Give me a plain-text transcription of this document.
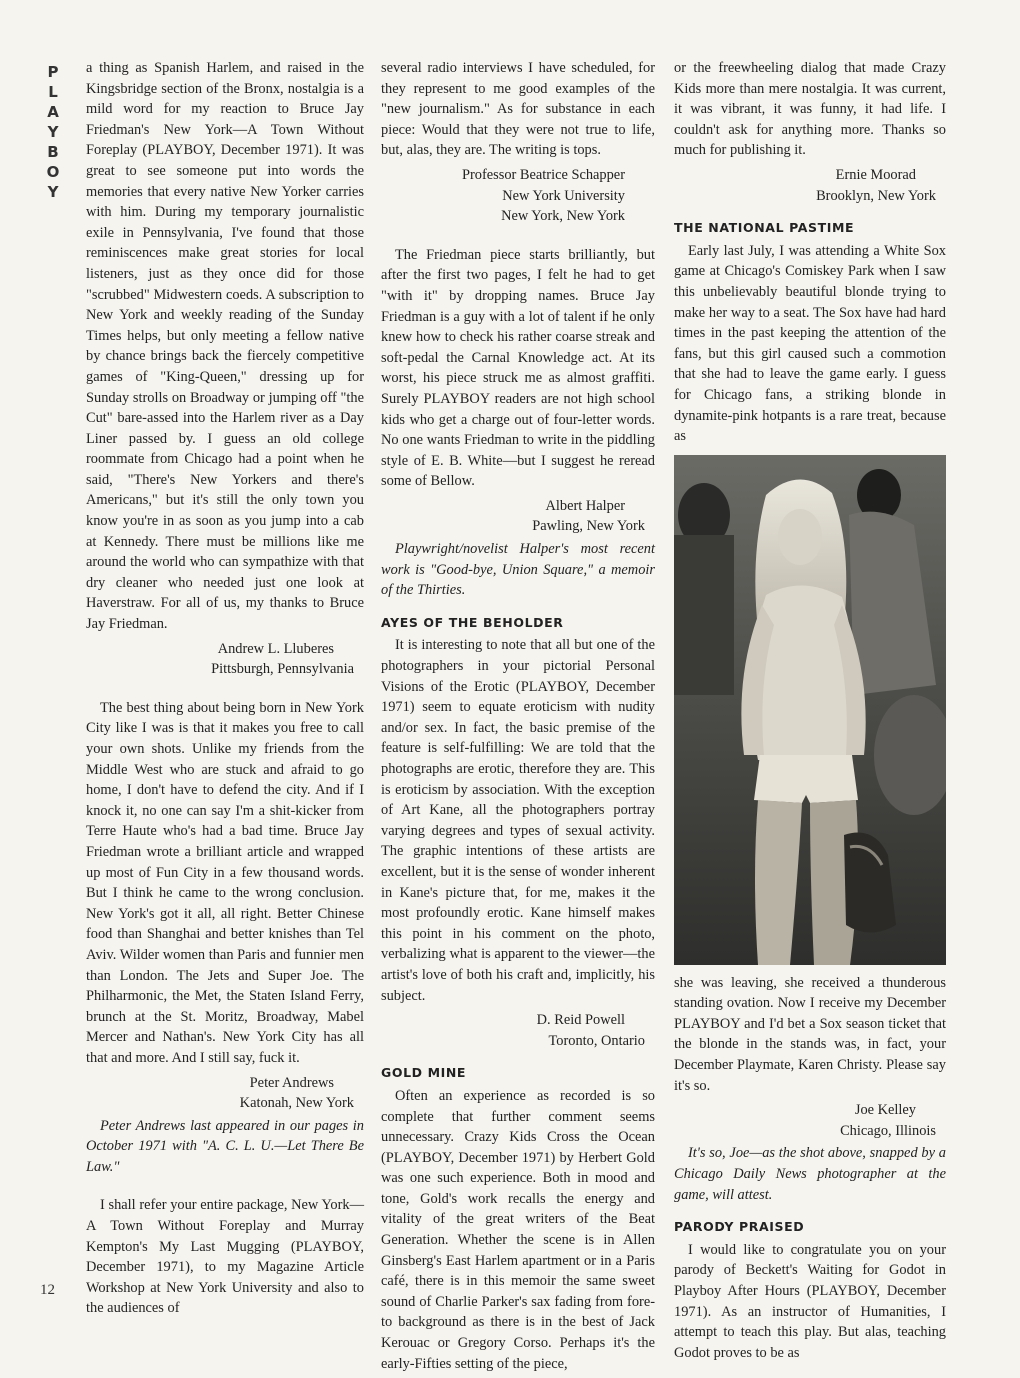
P
L
A
Y
B
O
Y

a thing as Spanish Harlem, and raised in the Kingsbridge section of the Bronx, nostalgia is a mild word for my reaction to Bruce Jay Friedman's New York—A Town Without Foreplay (PLAYBOY, December 1971). It was great to see someone put into words the memories that every native New Yorker carries with him. During my temporary journalistic exile in Pennsylvania, I've found that those reminiscences make great stories for local listeners, just as they once did for those "scrubbed" Midwestern coeds. A subscription to New York and weekly reading of the Sunday Times helps, but only meeting a fellow native by chance brings back the fiercely competitive games of "King-Queen," dressing up for Sunday strolls on Broadway or jumping off "the Cut" bare-assed into the Harlem river as a Day Liner passed by. I guess an old college roommate from Chicago had a point when he said, "There's New Yorkers and there's Americans," but it's still the only town you know you're in as soon as you jump into a cab at Kennedy. There must be millions like me around the world who can sympathize with that dry cleaner who needed just one look at Haverstraw. For all of us, my thanks to Bruce Jay Friedman.

Andrew L. Lluberes

Pittsburgh, Pennsylvania

The best thing about being born in New York City like I was is that it makes you free to call your own shots. Unlike my friends from the Middle West who are stuck and afraid to go home, I don't have to defend the city. And if I knock it, no one can say I'm a shit-kicker from Terre Haute who's had a bad time. Bruce Jay Friedman wrote a brilliant article and wrapped up most of Fun City in a few thousand words. But I think he came to the wrong conclusion. New York's got it all, all right. Better Chinese food than Shanghai and better knishes than Tel Aviv. Wilder women than Paris and funnier men than London. The Jets and Super Joe. The Philharmonic, the Met, the Staten Island Ferry, brunch at the St. Moritz, Broadway, Mabel Mercer and Nathan's. New York City has all that and more. And I still say, fuck it.

Peter Andrews

Katonah, New York

Peter Andrews last appeared in our pages in October 1971 with "A. C. L. U.—Let There Be Law."

I shall refer your entire package, New York—A Town Without Foreplay and Murray Kempton's My Last Mugging (PLAYBOY, December 1971), to my Magazine Article Workshop at New York University and also to the audiences of

several radio interviews I have scheduled, for they represent to me good examples of the "new journalism." As for substance in each piece: Would that they were not true to life, but, alas, they are. The writing is tops.

Professor Beatrice Schapper

New York University

New York, New York

The Friedman piece starts brilliantly, but after the first two pages, I felt he had to get "with it" by dropping names. Bruce Jay Friedman is a guy with a lot of talent if he only knew how to check his rather coarse streak and soft-pedal the Carnal Knowledge act. At its worst, his piece struck me as almost graffiti. Surely PLAYBOY readers are not high school kids who get a charge out of four-letter words. No one wants Friedman to write in the piddling style of E. B. White—but I suggest he reread some of Bellow.

Albert Halper

Pawling, New York

Playwright/novelist Halper's most recent work is "Good-bye, Union Square," a memoir of the Thirties.

AYES OF THE BEHOLDER

It is interesting to note that all but one of the photographers in your pictorial Personal Visions of the Erotic (PLAYBOY, December 1971) seem to equate eroticism with nudity and/or sex. In fact, the basic premise of the feature is self-fulfilling: We are told that the photographs are erotic, therefore they are. This is eroticism by association. With the exception of Art Kane, all the photographers portray varying degrees and types of sexual activity. The graphic intentions of these artists are excellent, but it is the sense of wonder inherent in Kane's picture that, for me, makes it the most profoundly erotic. Kane himself makes this point in his comment on the photo, verbalizing what is apparent to the viewer—the artist's love of both his craft and, implicitly, his subject.

D. Reid Powell

Toronto, Ontario

GOLD MINE

Often an experience as recorded is so complete that further comment seems unnecessary. Crazy Kids Cross the Ocean (PLAYBOY, December 1971) by Herbert Gold was one such experience. Both in mood and tone, Gold's work recalls the energy and vitality of the great writers of the Beat Generation. Whether the scene is in Allen Ginsberg's East Harlem apartment or in a Paris café, there is in this memoir the same sweet sound of Charlie Parker's sax fading from fore- to background as there is in the best of Jack Kerouac or Gregory Corso. Perhaps it's the early-Fifties setting of the piece,

or the freewheeling dialog that made Crazy Kids more than mere nostalgia. It was current, it was vibrant, it was funny, it had life. I couldn't ask for anything more. Thanks so much for publishing it.

Ernie Moorad

Brooklyn, New York

THE NATIONAL PASTIME

Early last July, I was attending a White Sox game at Chicago's Comiskey Park when I saw this unbelievably beautiful blonde trying to make her way to a seat. The Sox have had hard times in the past keeping the attention of the fans, but this girl caused such a commotion that she had to leave the game early. I guess for Chicago fans, a striking blonde in dynamite-pink hotpants is a rare treat, because as

she was leaving, she received a thunderous standing ovation. Now I receive my December PLAYBOY and I'd bet a Sox season ticket that the blonde in the stands was, in fact, your December Playmate, Karen Christy. Please say it's so.

Joe Kelley

Chicago, Illinois

It's so, Joe—as the shot above, snapped by a Chicago Daily News photographer at the game, will attest.

PARODY PRAISED

I would like to congratulate you on your parody of Beckett's Waiting for Godot in Playboy After Hours (PLAYBOY, December 1971). As an instructor of Humanities, I attempt to teach this play. But alas, teaching Godot proves to be as

12
